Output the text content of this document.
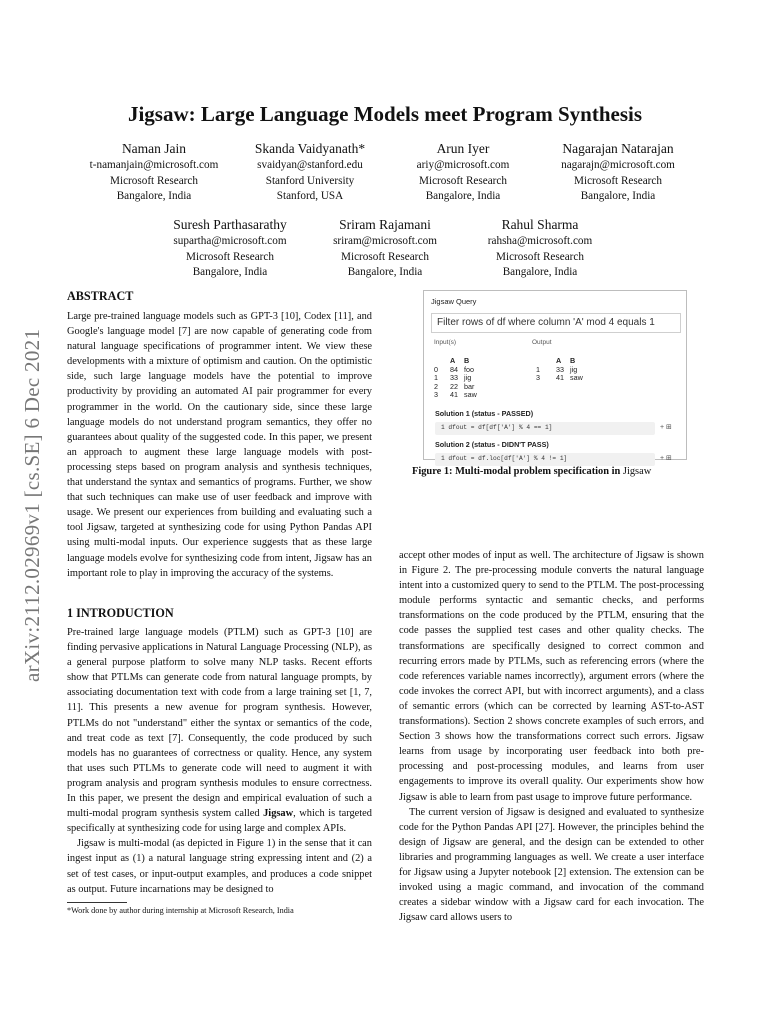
Jigsaw: Large Language Models meet Program Synthesis
Naman Jain
t-namanjain@microsoft.com
Microsoft Research
Bangalore, India
Skanda Vaidyanath*
svaidyan@stanford.edu
Stanford University
Stanford, USA
Arun Iyer
ariy@microsoft.com
Microsoft Research
Bangalore, India
Nagarajan Natarajan
nagarajn@microsoft.com
Microsoft Research
Bangalore, India
Suresh Parthasarathy
supartha@microsoft.com
Microsoft Research
Bangalore, India
Sriram Rajamani
sriram@microsoft.com
Microsoft Research
Bangalore, India
Rahul Sharma
rahsha@microsoft.com
Microsoft Research
Bangalore, India
arXiv:2112.02969v1 [cs.SE] 6 Dec 2021
ABSTRACT

Large pre-trained language models such as GPT-3 [10], Codex [11], and Google's language model [7] are now capable of generating code from natural language specifications of programmer intent. We view these developments with a mixture of optimism and caution. On the optimistic side, such large language models have the potential to improve productivity by providing an automated AI pair programmer for every programmer in the world. On the cautionary side, since these large language models do not understand program semantics, they offer no guarantees about quality of the suggested code. In this paper, we present an approach to augment these large language models with post-processing steps based on program analysis and synthesis techniques, that understand the syntax and semantics of programs. Further, we show that such techniques can make use of user feedback and improve with usage. We present our experiences from building and evaluating such a tool Jigsaw, targeted at synthesizing code for using Python Pandas API using multi-modal inputs. Our experience suggests that as these large language models evolve for synthesizing code from intent, Jigsaw has an important role to play in improving the accuracy of the systems.

1 INTRODUCTION

Pre-trained large language models (PTLM) such as GPT-3 [10] are finding pervasive applications in Natural Language Processing (NLP), as a general purpose platform to solve many NLP tasks. Recent efforts show that PTLMs can generate code from natural language prompts, by associating documentation text with code from a large training set [1, 7, 11]. This presents a new avenue for program synthesis. However, PTLMs do not "understand" either the syntax or semantics of the code, and treat code as text [7]. Consequently, the code produced by such models has no guarantees of correctness or quality. Hence, any system that uses such PTLMs to generate code will need to augment it with program analysis and program synthesis modules to ensure correctness. In this paper, we present the design and empirical evaluation of such a multi-modal program synthesis system called Jigsaw, which is targeted specifically at synthesizing code for using large and complex APIs.

Jigsaw is multi-modal (as depicted in Figure 1) in the sense that it can ingest input as (1) a natural language string expressing intent and (2) a set of test cases, or input-output examples, and produces a code snippet as output. Future incarnations may be designed to

*Work done by author during internship at Microsoft Research, India
Jigsaw Query
Filter rows of df where column 'A' mod 4 equals 1
Input(s)	Output
	A	B
0	84	foo
1	33	jig
2	22	bar
3	41	saw
	A	B
1	33	jig
3	41	saw
Solution 1 (status - PASSED)
1 dfout = df[df['A'] % 4 == 1]	+ ⊞
Solution 2 (status - DIDN'T PASS)
1 dfout = df.loc[df['A'] % 4 != 1]	+ ⊞
Figure 1: Multi-modal problem specification in Jigsaw

accept other modes of input as well. The architecture of Jigsaw is shown in Figure 2. The pre-processing module converts the natural language intent into a customized query to send to the PTLM. The post-processing module performs syntactic and semantic checks, and performs transformations on the code produced by the PTLM, ensuring that the code passes the supplied test cases and other quality checks. The transformations are specifically designed to correct common and recurring errors made by PTLMs, such as referencing errors (where the code references variable names incorrectly), argument errors (where the code invokes the correct API, but with incorrect arguments), and a class of semantic errors (which can be corrected by learning AST-to-AST transformations). Section 2 shows concrete examples of such errors, and Section 3 shows how the transformations correct such errors. Jigsaw learns from usage by incorporating user feedback into both pre-processing and post-processing modules, and learns from user engagements to improve its overall quality. Our experiments show how Jigsaw is able to learn from past usage to improve future performance.

The current version of Jigsaw is designed and evaluated to synthesize code for the Python Pandas API [27]. However, the principles behind the design of Jigsaw are general, and the design can be extended to other libraries and programming languages as well. We create a user interface for Jigsaw using a Jupyter notebook [2] extension. The extension can be invoked using a magic command, and invocation of the command creates a sidebar window with a Jigsaw card for each invocation. The Jigsaw card allows users to
